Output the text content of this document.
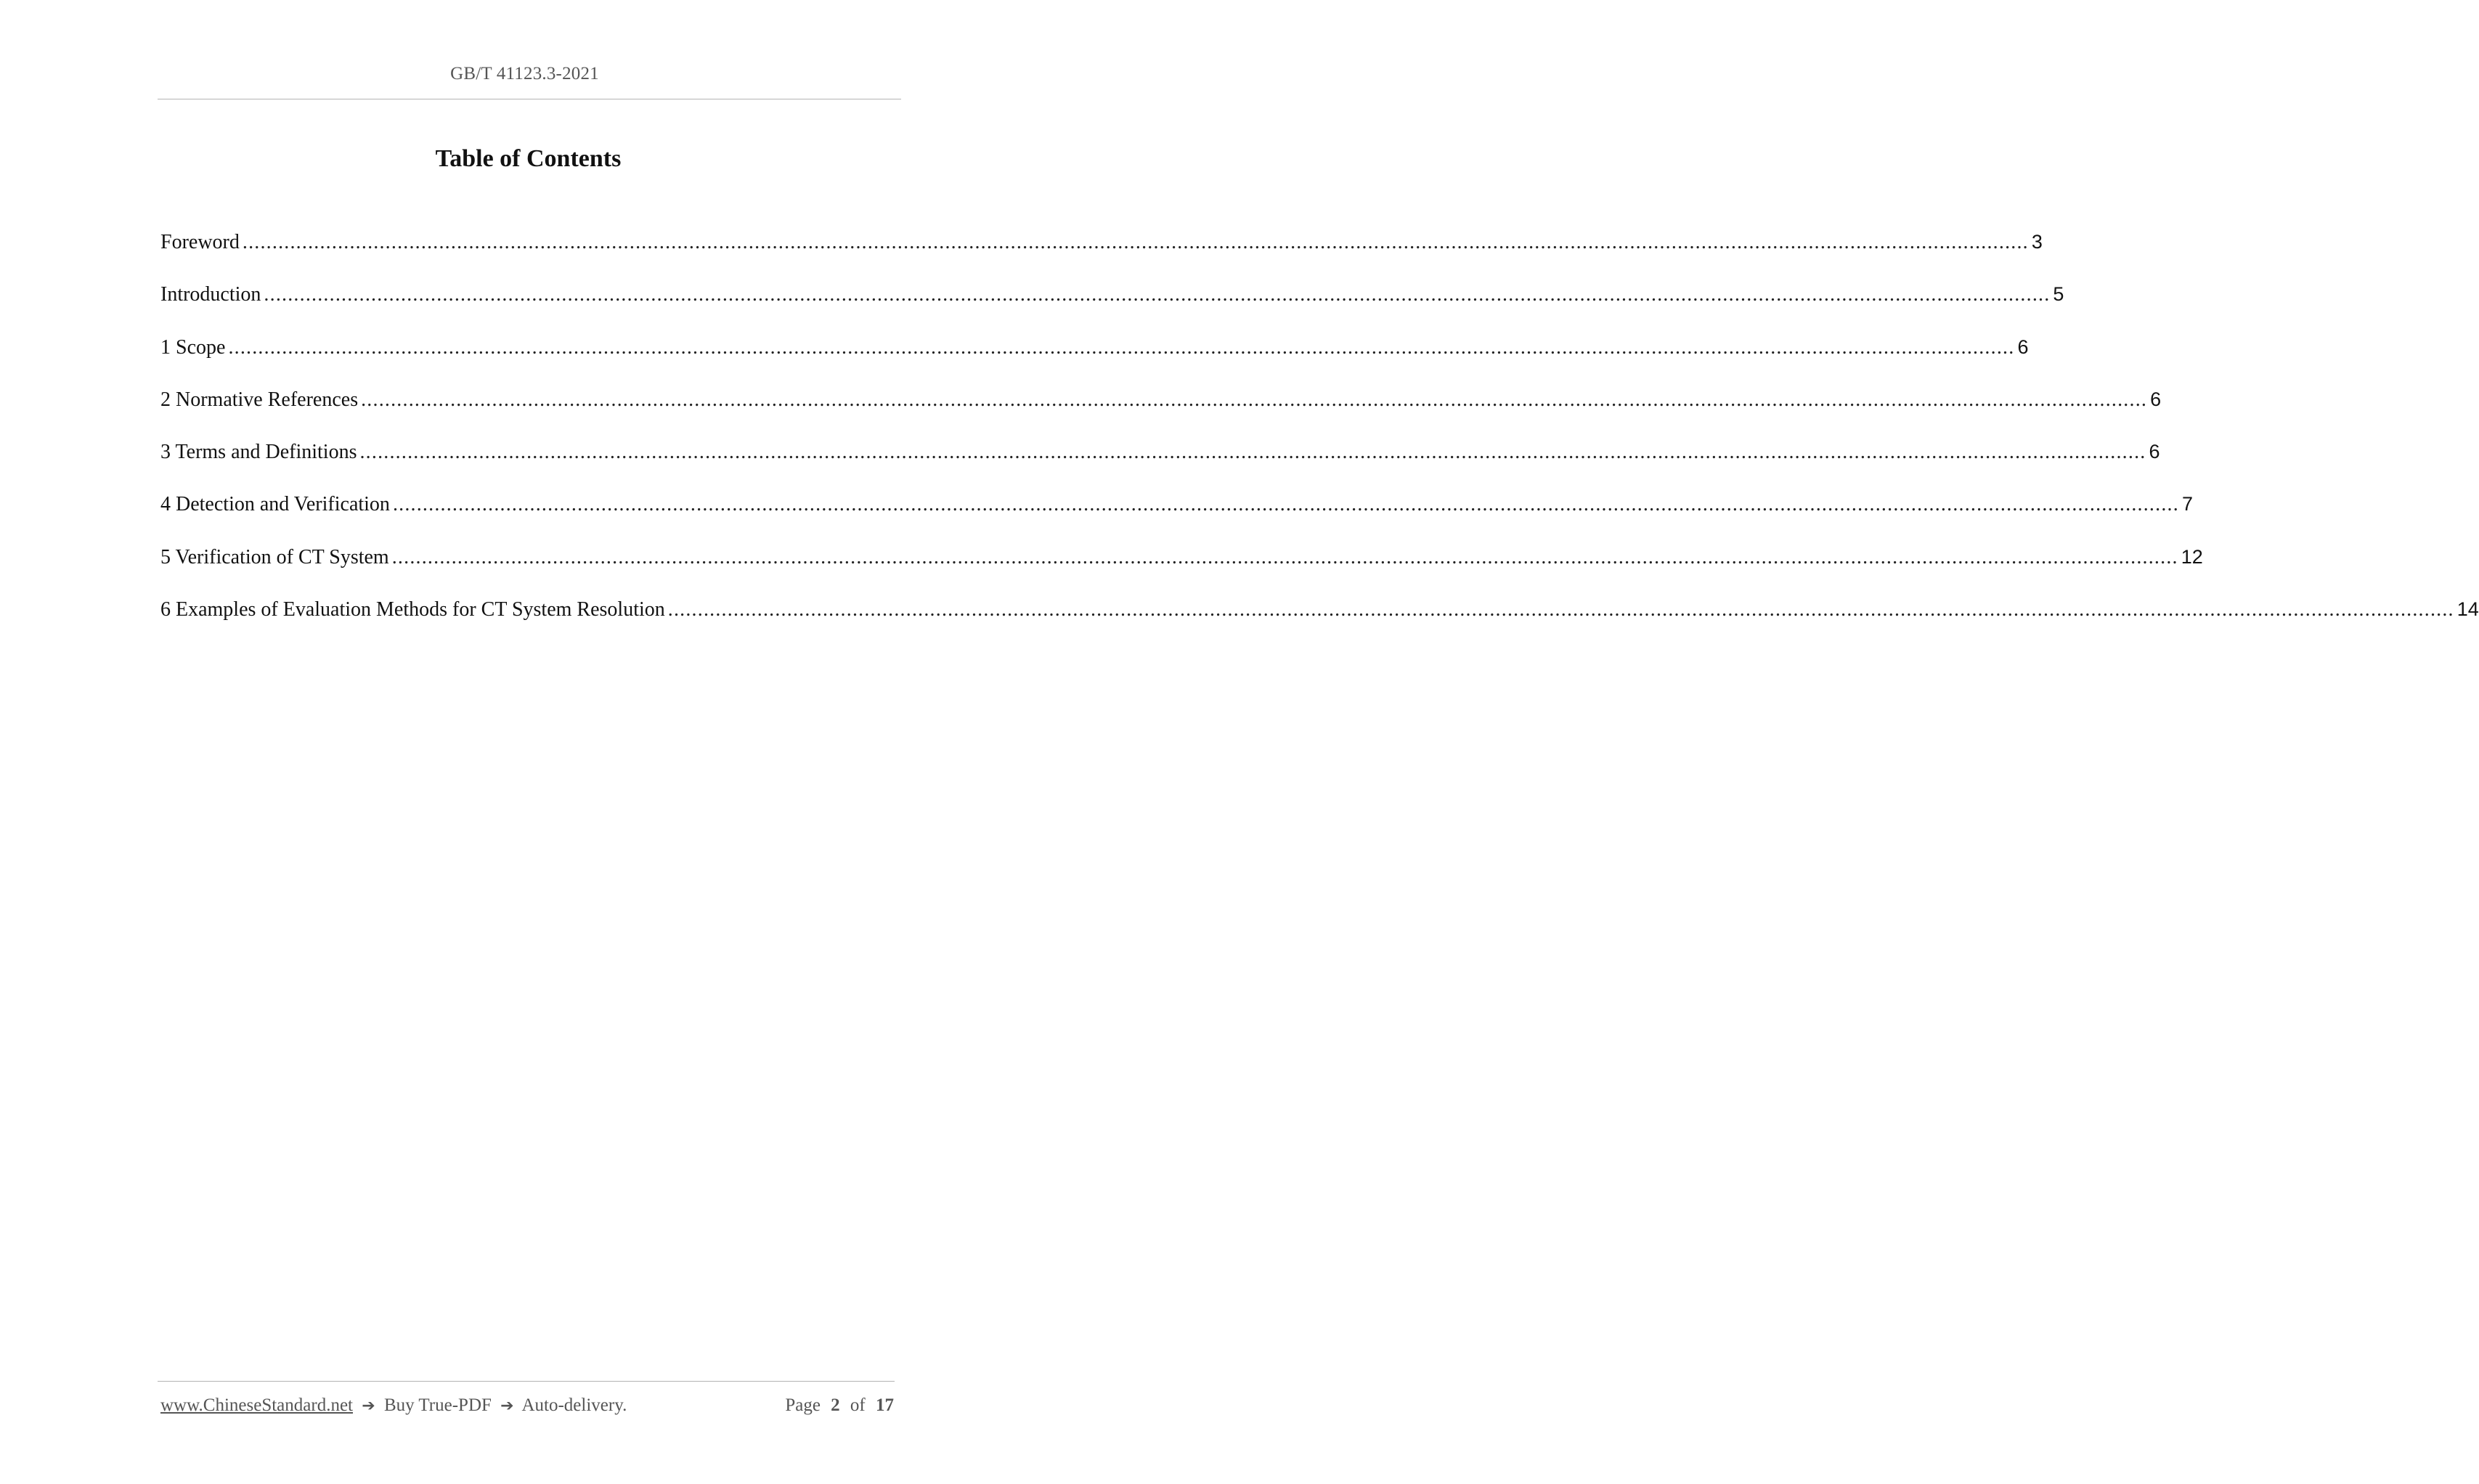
GB/T 41123.3-2021
Table of Contents
Foreword ............................................................................................................................................................................................................................................................................................................ 3
Introduction ............................................................................................................................................................................................................................................................................................................ 5
1 Scope ............................................................................................................................................................................................................................................................................................................ 6
2 Normative References ............................................................................................................................................................................................................................................................................................................ 6
3 Terms and Definitions ............................................................................................................................................................................................................................................................................................................ 6
4 Detection and Verification ............................................................................................................................................................................................................................................................................................................ 7
5 Verification of CT System ............................................................................................................................................................................................................................................................................................................ 12
6 Examples of Evaluation Methods for CT System Resolution ............................................................................................................................................................................................................................................................................................................ 14
www.ChineseStandard.net ➔ Buy True-PDF ➔ Auto-delivery.	Page 2 of 17
